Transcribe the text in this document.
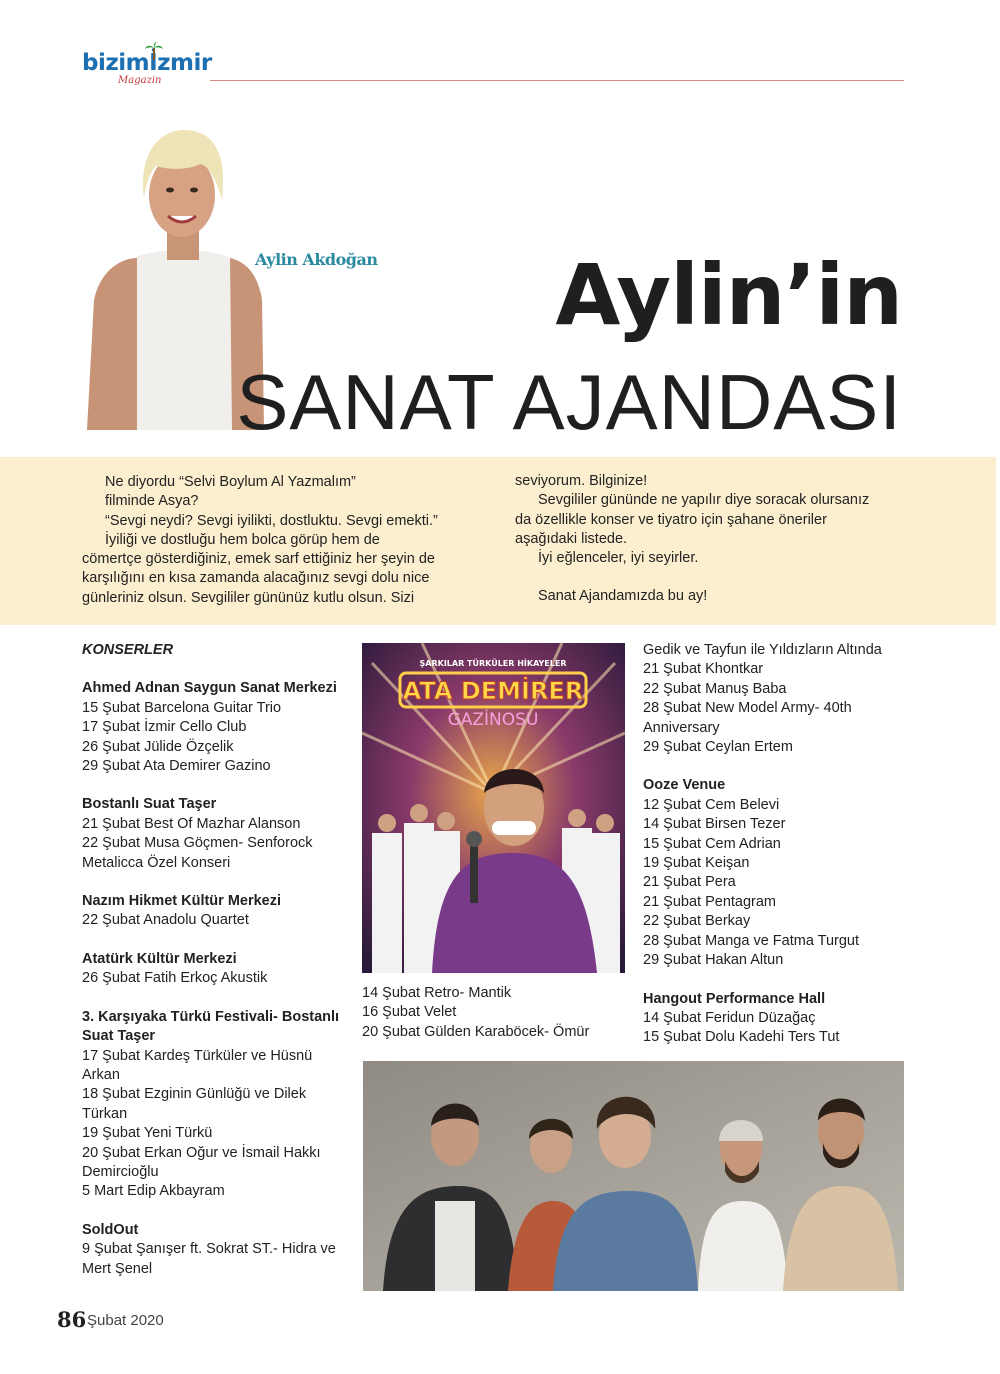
bizimİzmir
Magazin
Aylin Akdoğan Aylin’in
SANAT AJANDASI

Ne diyordu “Selvi Boylum Al Yazmalım”

filminde Asya?

“Sevgi neydi? Sevgi iyilikti, dostluktu. Sevgi emekti.”

İyiliği ve dostluğu hem bolca görüp hem de

cömertçe gösterdiğiniz, emek sarf ettiğiniz her şeyin de

karşılığını en kısa zamanda alacağınız sevgi dolu nice

günleriniz olsun. Sevgililer gününüz kutlu olsun. Sizi

seviyorum. Bilginize!

Sevgililer gününde ne yapılır diye soracak olursanız

da özellikle konser ve tiyatro için şahane öneriler

aşağıdaki listede.

İyi eğlenceler, iyi seyirler.

Sanat Ajandamızda bu ay!

KONSERLER
Ahmed Adnan Saygun Sanat Merkezi
15 Şubat Barcelona Guitar Trio
17 Şubat İzmir Cello Club
26 Şubat Jülide Özçelik
29 Şubat Ata Demirer Gazino
Bostanlı Suat Taşer
21 Şubat Best Of Mazhar Alanson
22 Şubat Musa Göçmen- Senforock Metalicca Özel Konseri
Nazım Hikmet Kültür Merkezi
22 Şubat Anadolu Quartet
Atatürk Kültür Merkezi
26 Şubat Fatih Erkoç Akustik
3. Karşıyaka Türkü Festivali- Bostanlı Suat Taşer
17 Şubat Kardeş Türküler ve Hüsnü Arkan
18 Şubat Ezginin Günlüğü ve Dilek Türkan
19 Şubat Yeni Türkü
20 Şubat Erkan Oğur ve İsmail Hakkı Demircioğlu
5 Mart Edip Akbayram
SoldOut
9 Şubat Şanışer ft. Sokrat ST.- Hidra ve Mert Şenel
ŞARKILAR TÜRKÜLER HİKAYELER
ATA DEMİRER
GAZİNOSU
14 Şubat Retro- Mantik
16 Şubat Velet
20 Şubat Gülden Karaböcek- Ömür
Gedik ve Tayfun ile Yıldızların Altında
21 Şubat Khontkar
22 Şubat Manuş Baba
28 Şubat New Model Army- 40th Anniversary
29 Şubat Ceylan Ertem
Ooze Venue
12 Şubat Cem Belevi
14 Şubat Birsen Tezer
15 Şubat Cem Adrian
19 Şubat Keişan
21 Şubat Pera
21 Şubat Pentagram
22 Şubat Berkay
28 Şubat Manga ve Fatma Turgut
29 Şubat Hakan Altun
Hangout Performance Hall
14 Şubat Feridun Düzağaç
15 Şubat Dolu Kadehi Ters Tut
86 Şubat 2020
